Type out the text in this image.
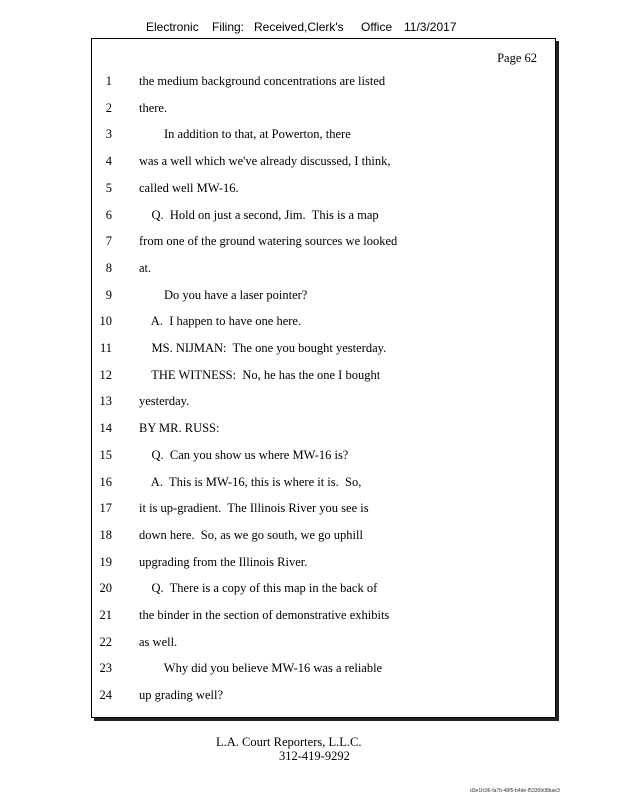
Electronic Filing: Received,Clerk's Office 11/3/2017
Page 62
1 the medium background concentrations are listed
2 there.
3 In addition to that, at Powerton, there
4 was a well which we've already discussed, I think,
5 called well MW-16.
6 Q.  Hold on just a second, Jim.  This is a map
7 from one of the ground watering sources we looked
8 at.
9 Do you have a laser pointer?
10 A.  I happen to have one here.
11 MS. NIJMAN:  The one you bought yesterday.
12 THE WITNESS:  No, he has the one I bought
13 yesterday.
14 BY MR. RUSS:
15 Q.  Can you show us where MW-16 is?
16 A.  This is MW-16, this is where it is.  So,
17 it is up-gradient.  The Illinois River you see is
18 down here.  So, as we go south, we go uphill
19 upgrading from the Illinois River.
20 Q.  There is a copy of this map in the back of
21 the binder in the section of demonstrative exhibits
22 as well.
23 Why did you believe MW-16 was a reliable
24 up grading well?
L.A. Court Reporters, L.L.C.
312-419-9292
d3e1fc96-fa7b-48f5-b4de-f5330b08bae3
